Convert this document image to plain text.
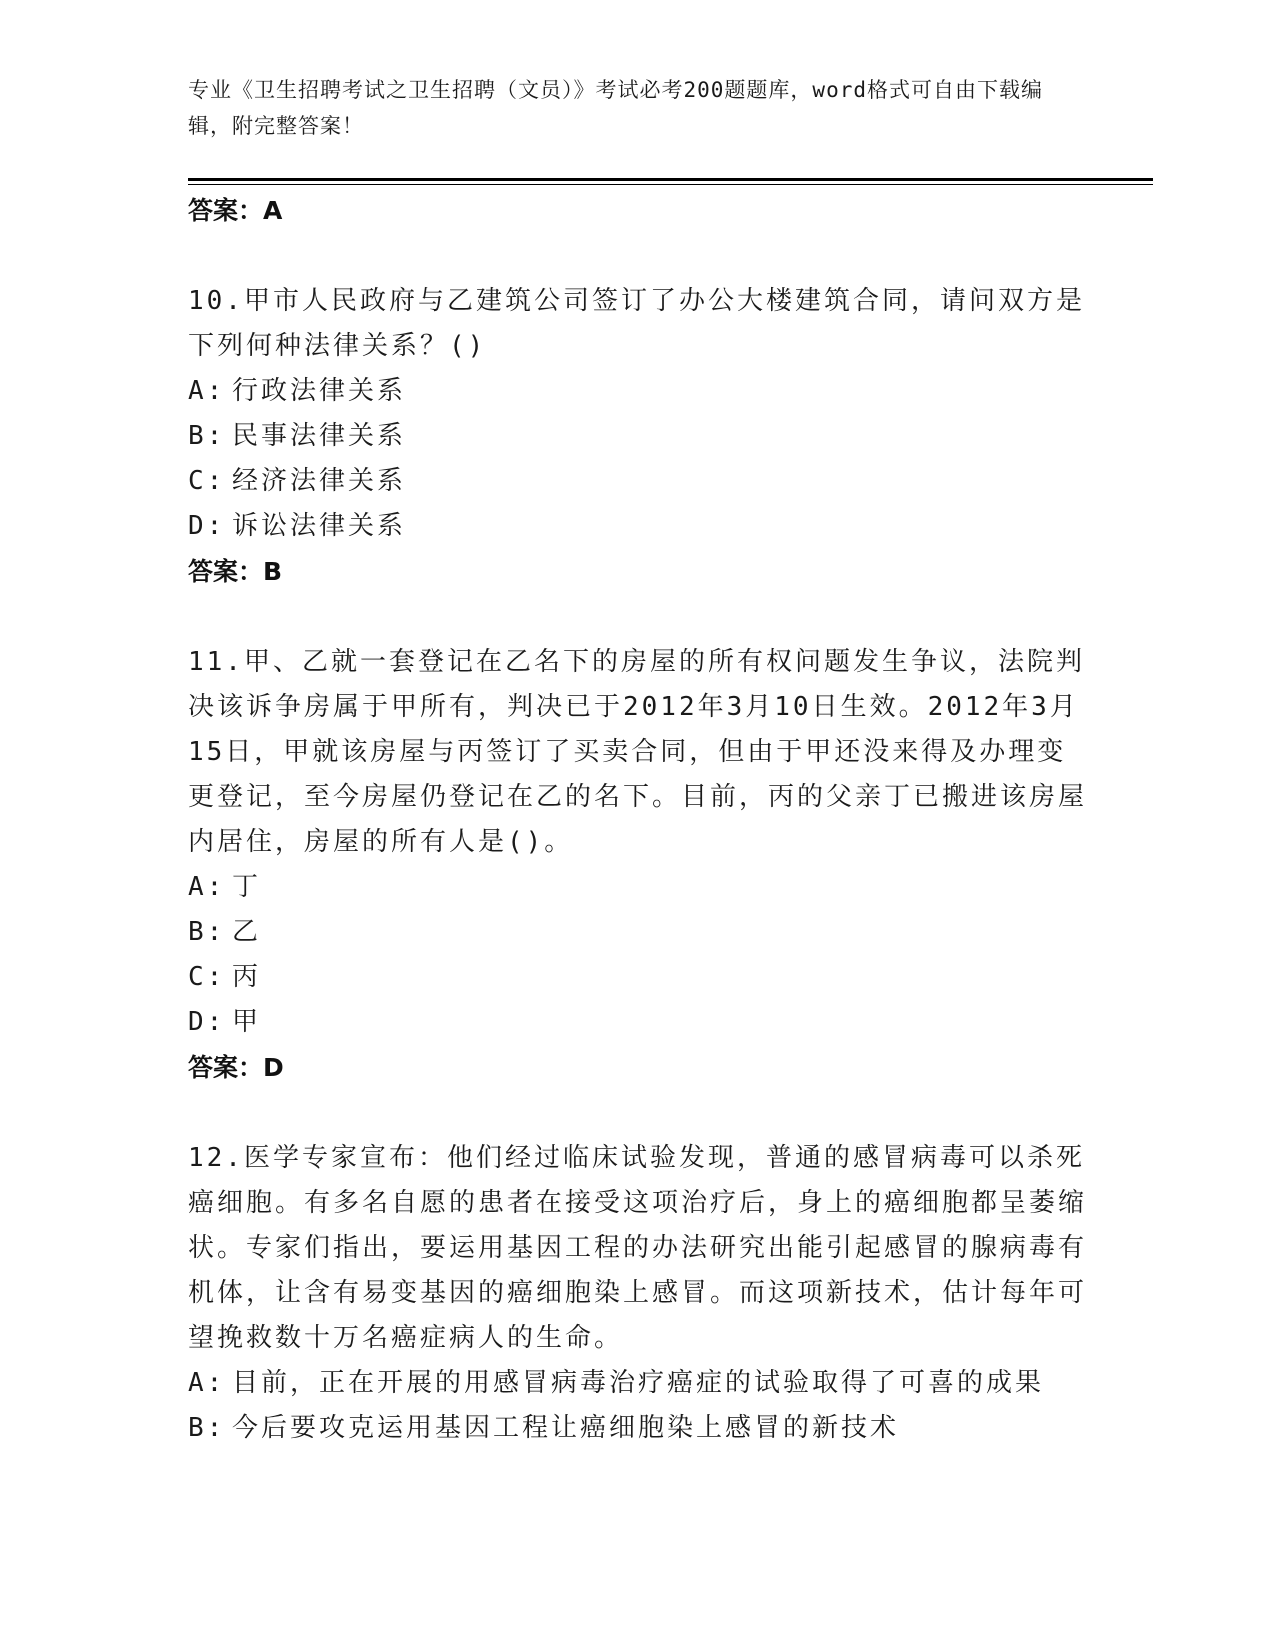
专业《卫生招聘考试之卫生招聘（文员）》考试必考200题题库，word格式可自由下载编辑，附完整答案！
答案：A
10.甲市人民政府与乙建筑公司签订了办公大楼建筑合同，请问双方是下列何种法律关系？()
A: 行政法律关系
B: 民事法律关系
C: 经济法律关系
D: 诉讼法律关系
答案：B
11.甲、乙就一套登记在乙名下的房屋的所有权问题发生争议，法院判决该诉争房属于甲所有，判决已于2012年3月10日生效。2012年3月15日，甲就该房屋与丙签订了买卖合同，但由于甲还没来得及办理变更登记，至今房屋仍登记在乙的名下。目前，丙的父亲丁已搬进该房屋内居住，房屋的所有人是()。
A: 丁
B: 乙
C: 丙
D: 甲
答案：D
12.医学专家宣布：他们经过临床试验发现，普通的感冒病毒可以杀死癌细胞。有多名自愿的患者在接受这项治疗后，身上的癌细胞都呈萎缩状。专家们指出，要运用基因工程的办法研究出能引起感冒的腺病毒有机体，让含有易变基因的癌细胞染上感冒。而这项新技术，估计每年可望挽救数十万名癌症病人的生命。
A: 目前，正在开展的用感冒病毒治疗癌症的试验取得了可喜的成果
B: 今后要攻克运用基因工程让癌细胞染上感冒的新技术
